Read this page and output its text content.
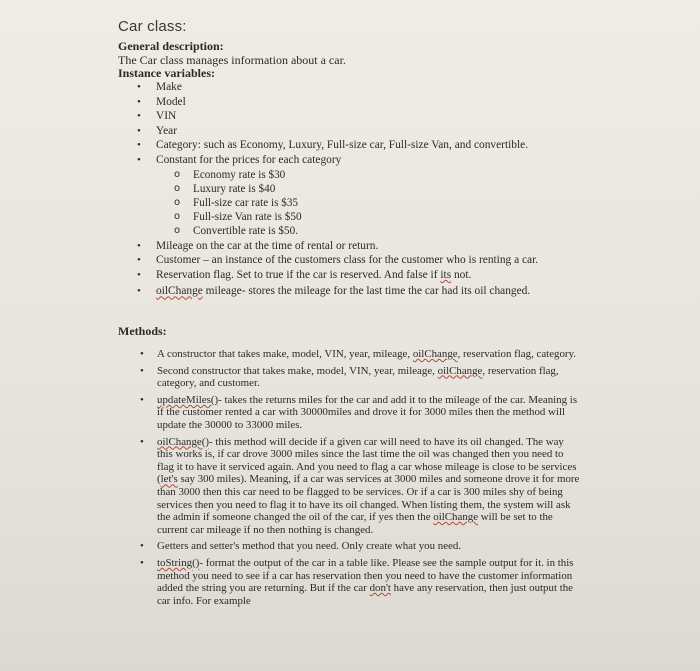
Car class:
General description:
The Car class manages information about a car.
Instance variables:
• Make
• Model
• VIN
• Year
• Category: such as Economy, Luxury, Full-size car, Full-size Van, and convertible.
• Constant for the prices for each category
o Economy rate is $30
o Luxury rate is $40
o Full-size car rate is $35
o Full-size Van rate is $50
o Convertible rate is $50.
• Mileage on the car at the time of rental or return.
• Customer – an instance of the customers class for the customer who is renting a car.
• Reservation flag. Set to true if the car is reserved. And false if its not.
• oilChange mileage- stores the mileage for the last time the car had its oil changed.
Methods:
• A constructor that takes make, model, VIN, year, mileage, oilChange, reservation flag, category.
• Second constructor that takes make, model, VIN, year, mileage, oilChange, reservation flag, category, and customer.
• updateMiles()- takes the returns miles for the car and add it to the mileage of the car. Meaning is if the customer rented a car with 30000miles and drove it for 3000 miles then the method will update the 30000 to 33000 miles.
• oilChange()- this method will decide if a given car will need to have its oil changed. The way this works is, if car drove 3000 miles since the last time the oil was changed then you need to flag it to have it serviced again. And you need to flag a car whose mileage is close to be services (let's say 300 miles). Meaning, if a car was services at 3000 miles and someone drove it for more than 3000 then this car need to be flagged to be services. Or if a car is 300 miles shy of being services then you need to flag it to have its oil changed. When listing them, the system will ask the admin if someone changed the oil of the car, if yes then the oilChange will be set to the current car mileage if no then nothing is changed.
• Getters and setter's method that you need. Only create what you need.
• toString()- format the output of the car in a table like. Please see the sample output for it. in this method you need to see if a car has reservation then you need to have the customer information added the string you are returning. But if the car don't have any reservation, then just output the car info. For example
